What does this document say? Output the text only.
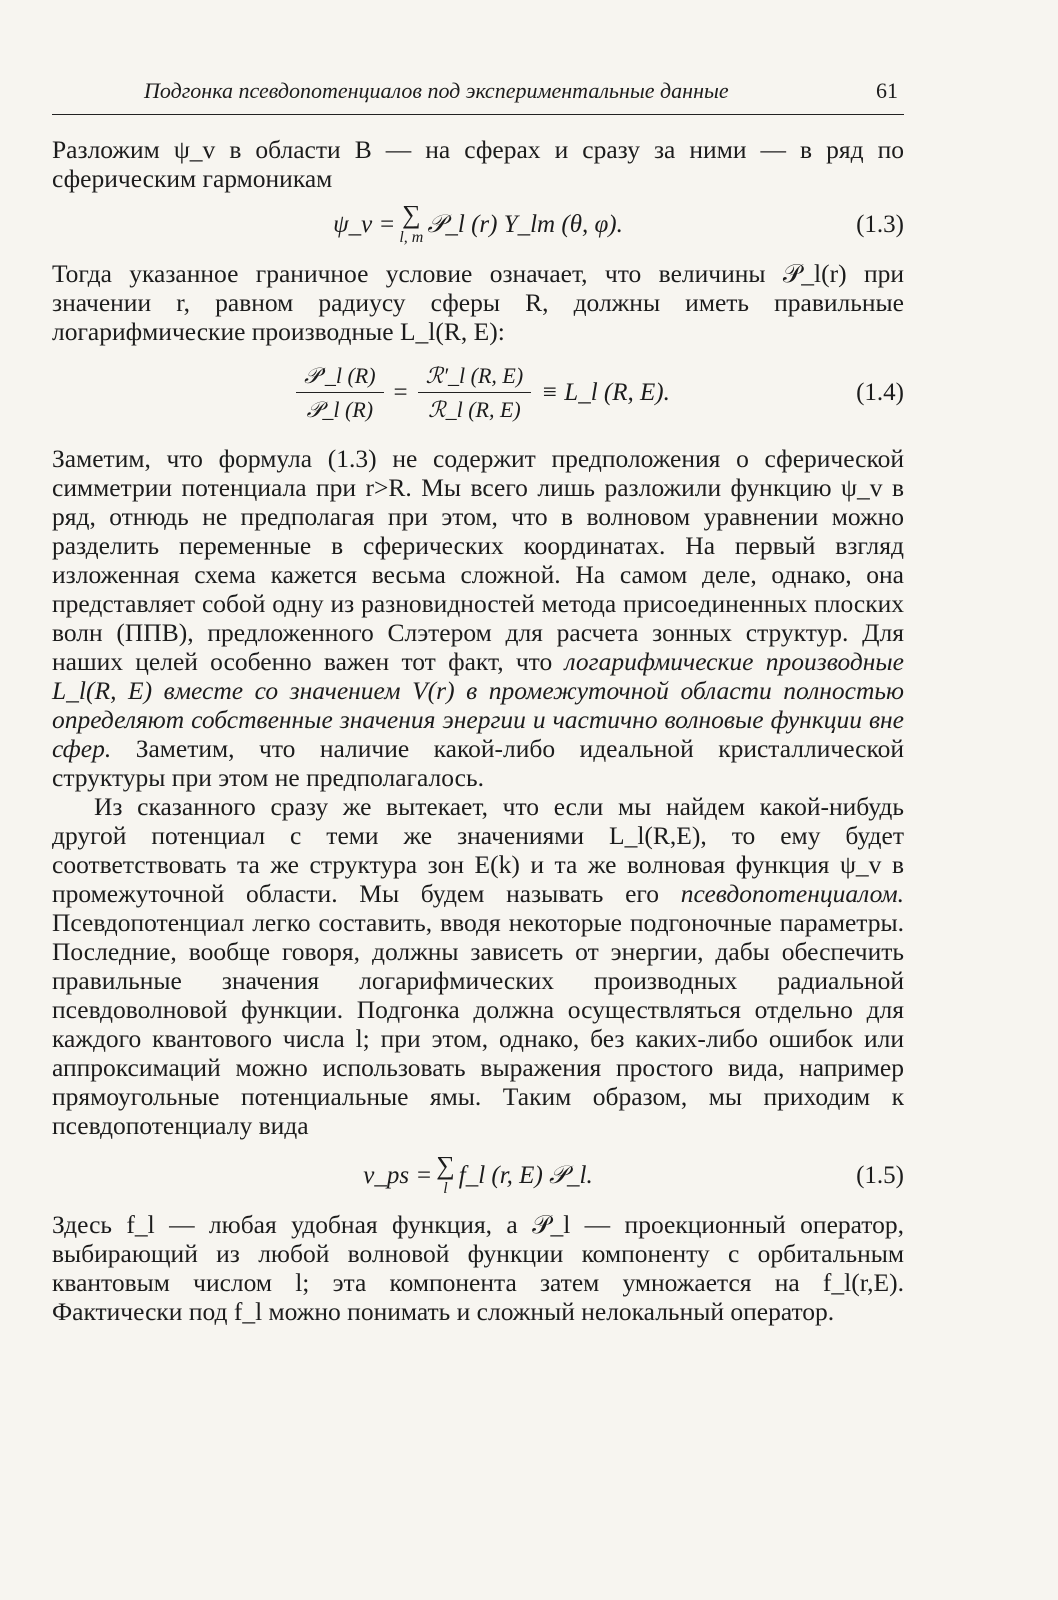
Подгонка псевдопотенциалов под экспериментальные данные	61

Разложим ψ_v в области B — на сферах и сразу за ними — в ряд по сферическим гармоникам

ψ_v = ∑
l, m 𝒫_l (r) Y_lm (θ, φ).	(1.3)

Тогда указанное граничное условие означает, что величины 𝒫_l(r) при значении r, равном радиусу сферы R, должны иметь правильные логарифмические производные L_l(R, E):

$\frac{\text{𝒫′\_l (R)}}{\text{𝒫\_l (R)}} = \frac{\text{ℛ′\_l (R, E)}}{\text{ℛ\_l (R, E)}}$ ≡ L_l (R, E).	(1.4)

Заметим, что формула (1.3) не содержит предположения о сферической симметрии потенциала при r>R. Мы всего лишь разложили функцию ψ_v в ряд, отнюдь не предполагая при этом, что в волновом уравнении можно разделить переменные в сферических координатах. На первый взгляд изложенная схема кажется весьма сложной. На самом деле, однако, она представляет собой одну из разновидностей метода присоединенных плоских волн (ППВ), предложенного Слэтером для расчета зонных структур. Для наших целей особенно важен тот факт, что логарифмические производные L_l(R, E) вместе со значением V(r) в промежуточной области полностью определяют собственные значения энергии и частично волновые функции вне сфер. Заметим, что наличие какой-либо идеальной кристаллической структуры при этом не предполагалось.

Из сказанного сразу же вытекает, что если мы найдем какой-нибудь другой потенциал с теми же значениями L_l(R,E), то ему будет соответствовать та же структура зон E(k) и та же волновая функция ψ_v в промежуточной области. Мы будем называть его псевдопотенциалом. Псевдопотенциал легко составить, вводя некоторые подгоночные параметры. Последние, вообще говоря, должны зависеть от энергии, дабы обеспечить правильные значения логарифмических производных радиальной псевдоволновой функции. Подгонка должна осуществляться отдельно для каждого квантового числа l; при этом, однако, без каких-либо ошибок или аппроксимаций можно использовать выражения простого вида, например прямоугольные потенциальные ямы. Таким образом, мы приходим к псевдопотенциалу вида

v_ps = ∑
l f_l (r, E) 𝒫_l.	(1.5)

Здесь f_l — любая удобная функция, а 𝒫_l — проекционный оператор, выбирающий из любой волновой функции компоненту с орбитальным квантовым числом l; эта компонента затем умножается на f_l(r,E). Фактически под f_l можно понимать и сложный нелокальный оператор.
